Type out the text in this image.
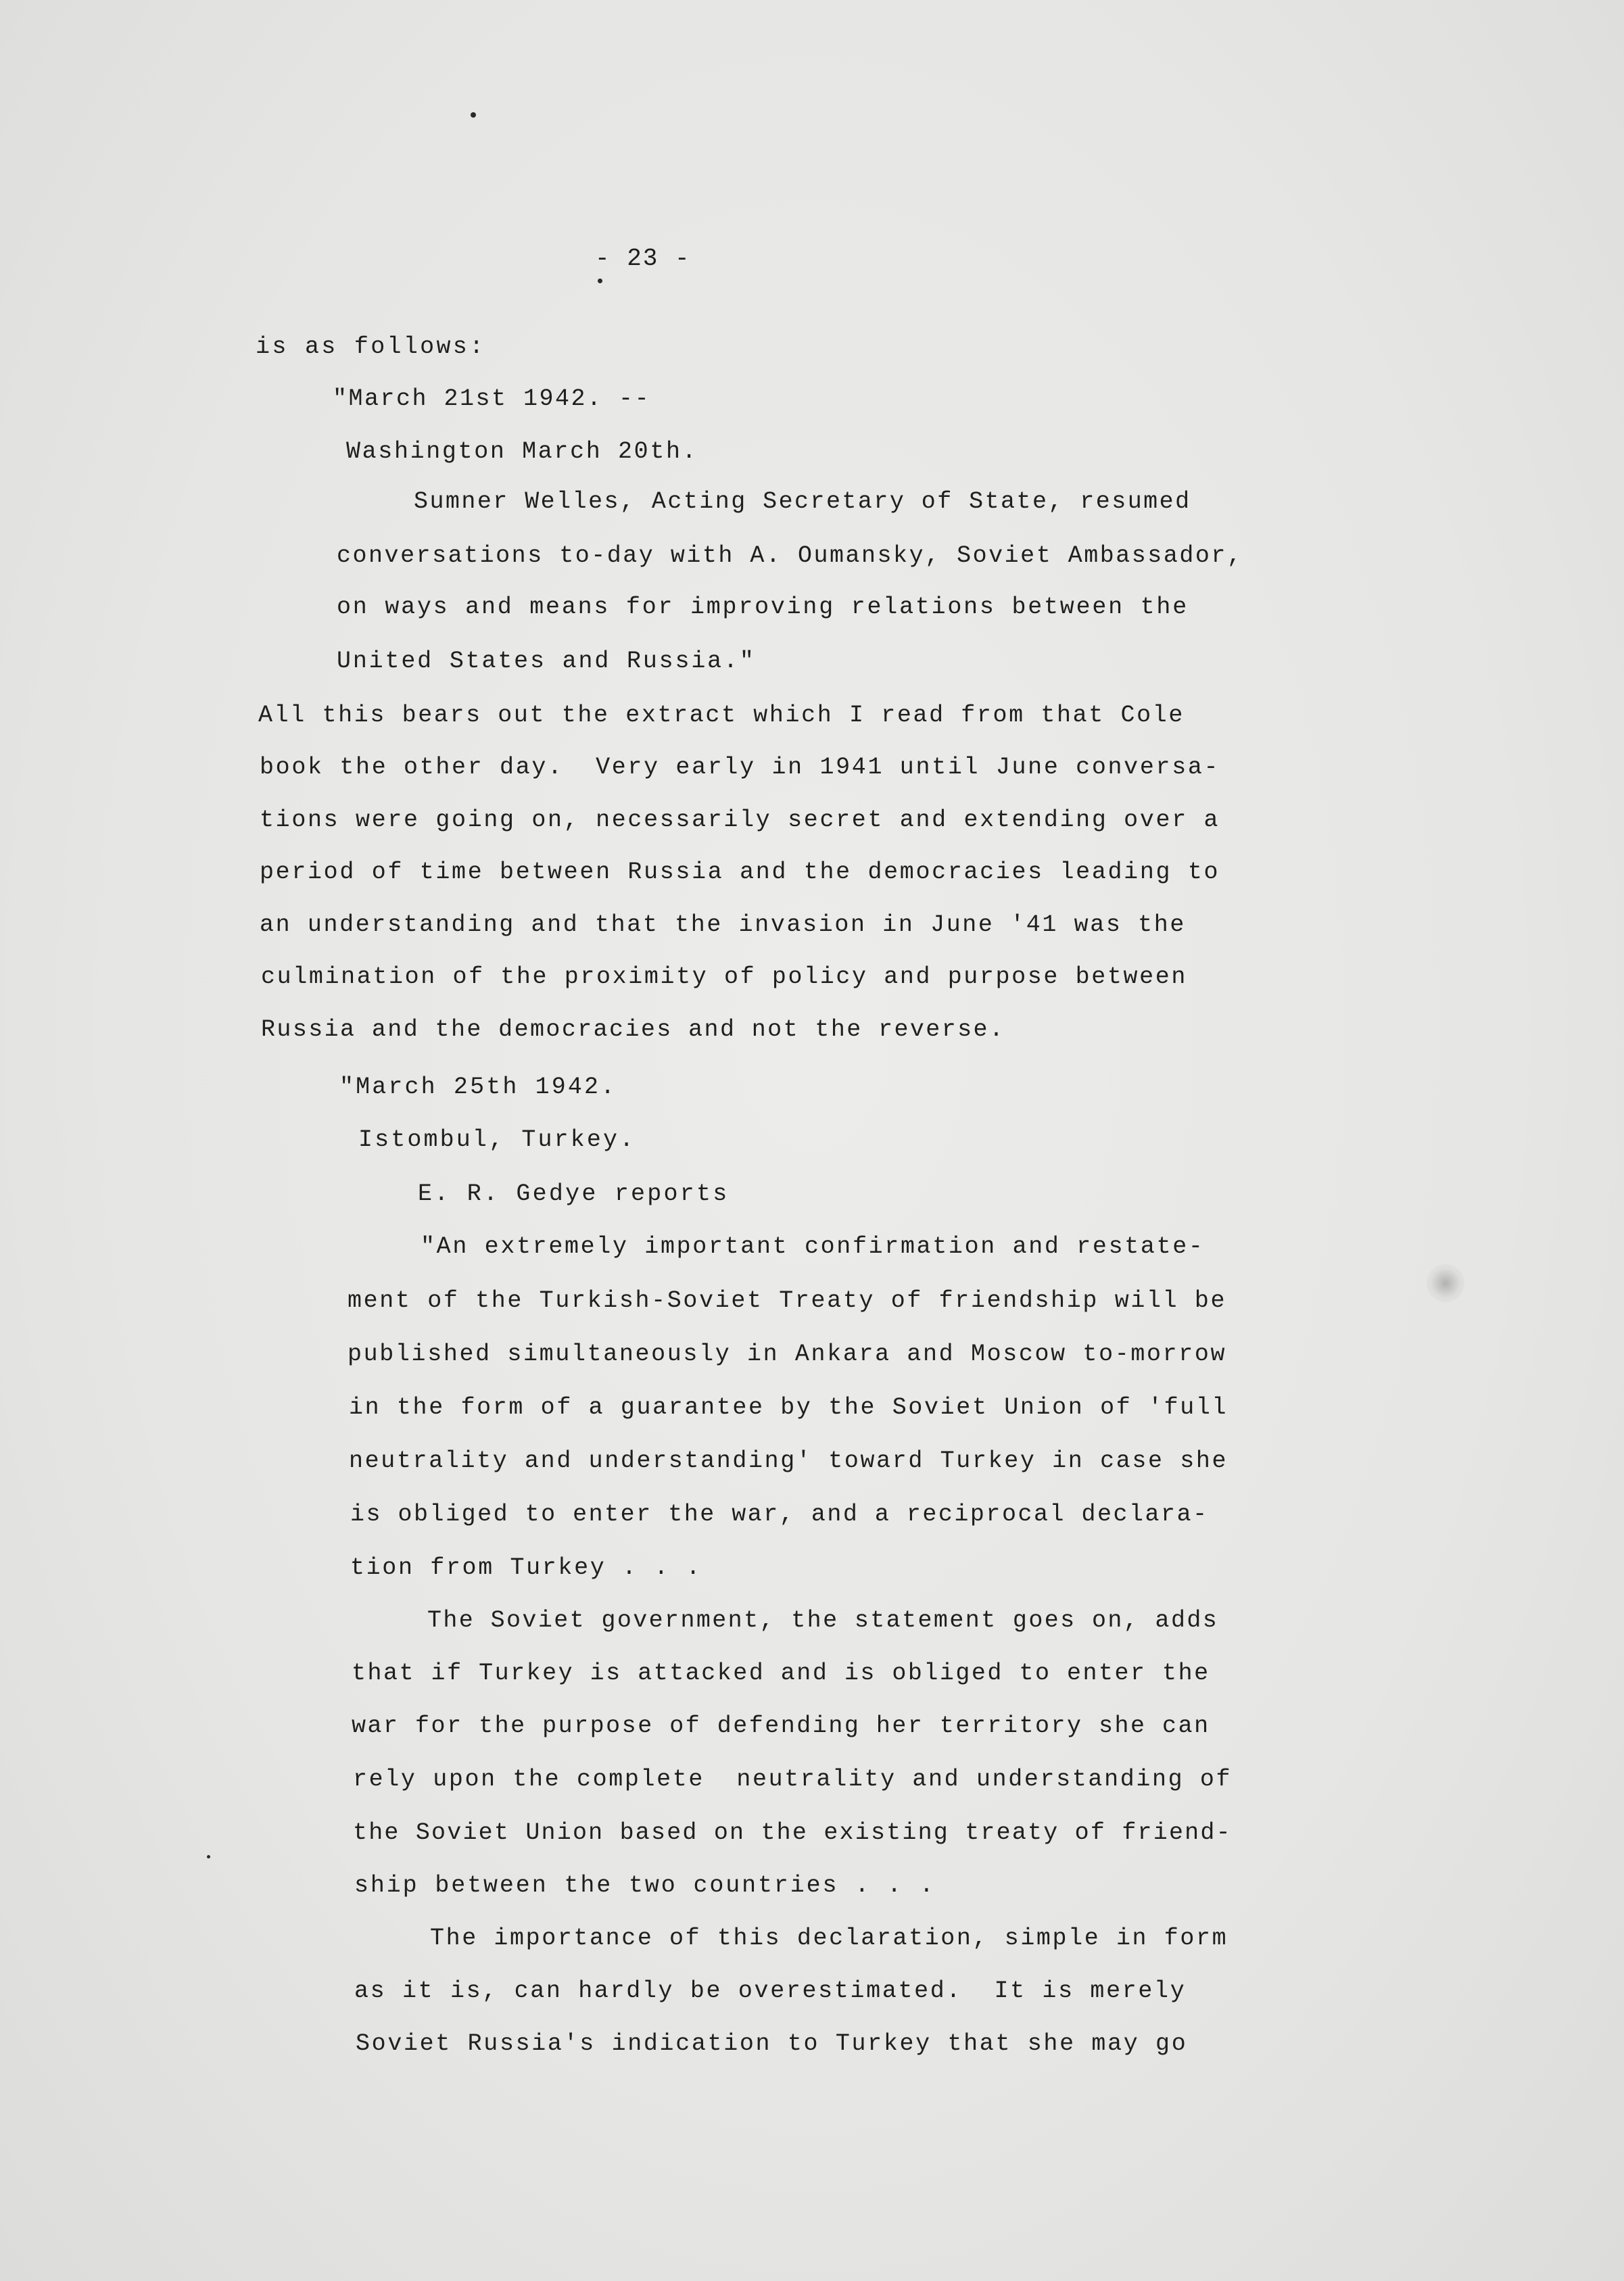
- 23 -
is as follows:
"March 21st 1942. --
Washington March 20th.
Sumner Welles, Acting Secretary of State, resumed
conversations to-day with A. Oumansky, Soviet Ambassador,
on ways and means for improving relations between the
United States and Russia."
All this bears out the extract which I read from that Cole
book the other day.  Very early in 1941 until June conversa-
tions were going on, necessarily secret and extending over a
period of time between Russia and the democracies leading to
an understanding and that the invasion in June '41 was the
culmination of the proximity of policy and purpose between
Russia and the democracies and not the reverse.
"March 25th 1942.
Istombul, Turkey.
E. R. Gedye reports
"An extremely important confirmation and restate-
ment of the Turkish-Soviet Treaty of friendship will be
published simultaneously in Ankara and Moscow to-morrow
in the form of a guarantee by the Soviet Union of 'full
neutrality and understanding' toward Turkey in case she
is obliged to enter the war, and a reciprocal declara-
tion from Turkey . . .
The Soviet government, the statement goes on, adds
that if Turkey is attacked and is obliged to enter the
war for the purpose of defending her territory she can
rely upon the complete  neutrality and understanding of
the Soviet Union based on the existing treaty of friend-
ship between the two countries . . .
The importance of this declaration, simple in form
as it is, can hardly be overestimated.  It is merely
Soviet Russia's indication to Turkey that she may go
